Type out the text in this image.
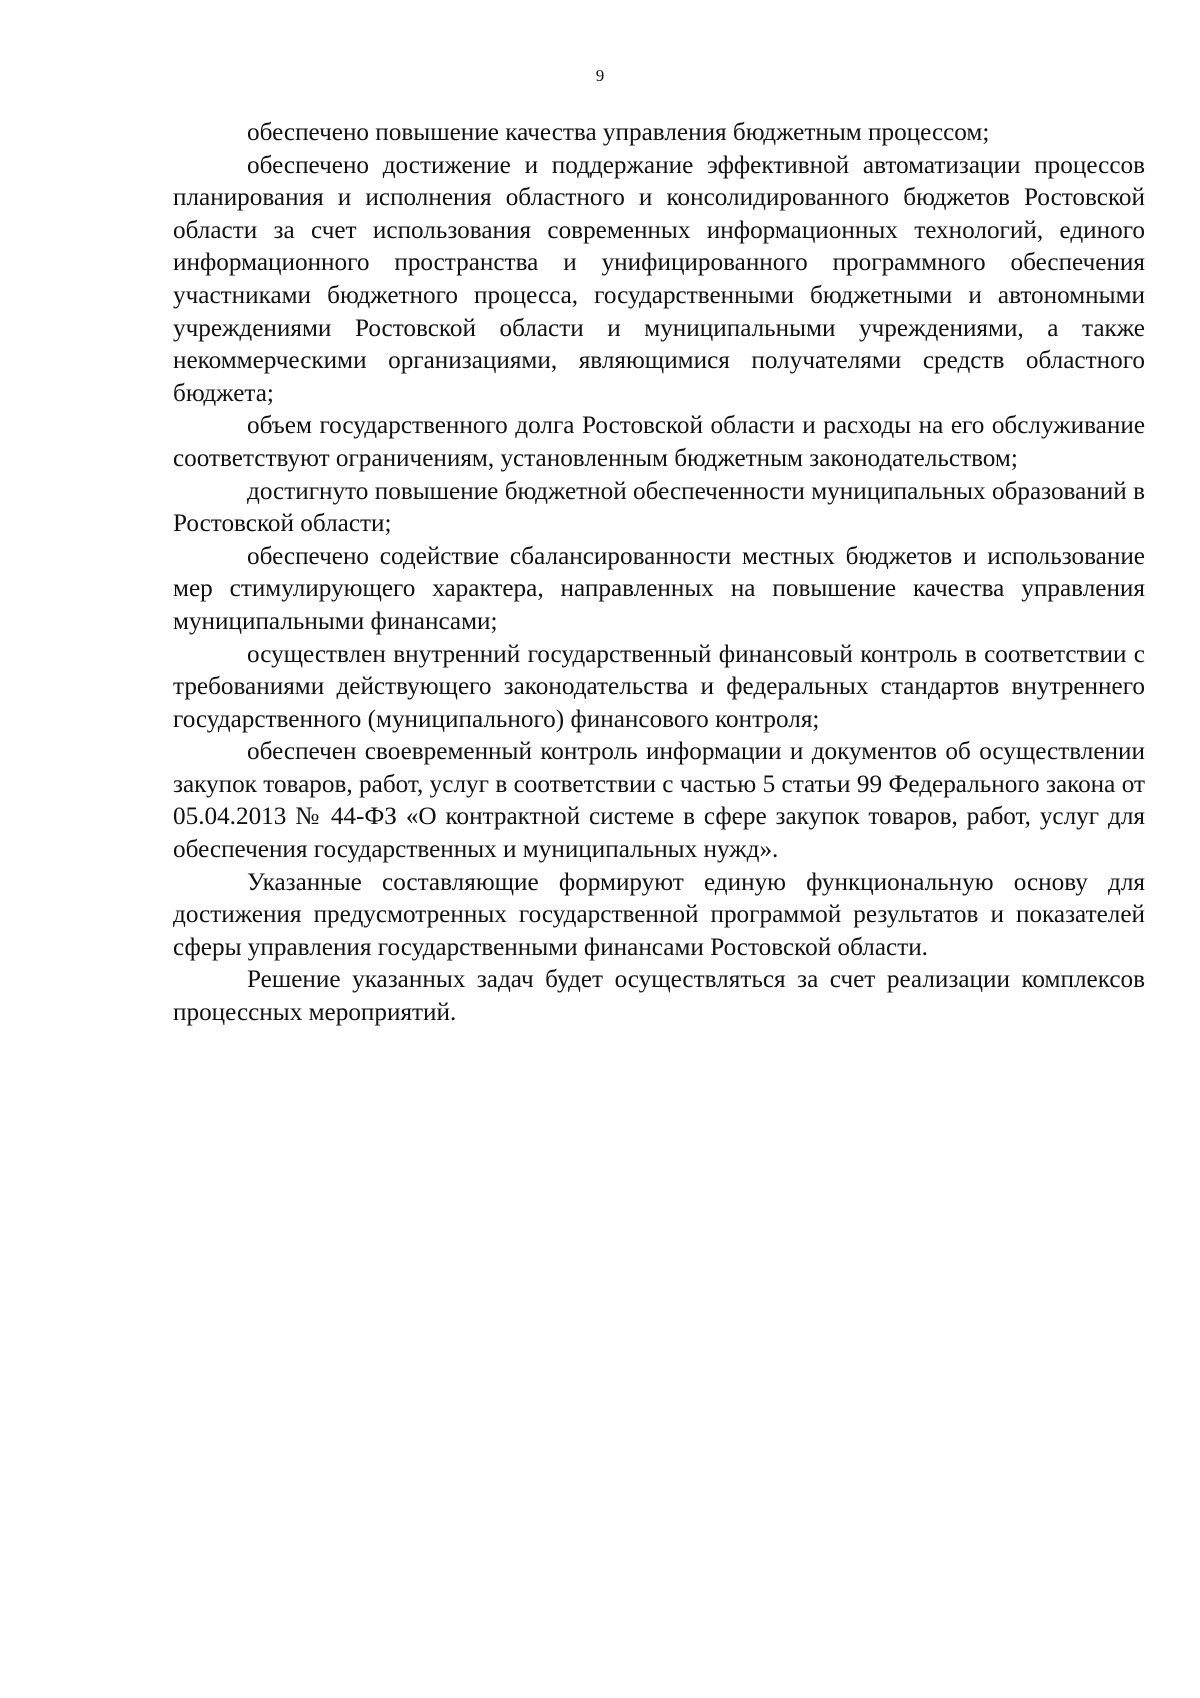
9

обеспечено повышение качества управления бюджетным процессом;

обеспечено достижение и поддержание эффективной автоматизации процессов планирования и исполнения областного и консолидированного бюджетов Ростовской области за счет использования современных информационных технологий, единого информационного пространства и унифицированного программного обеспечения участниками бюджетного процесса, государственными бюджетными и автономными учреждениями Ростовской области и муниципальными учреждениями, а также некоммерческими организациями, являющимися получателями средств областного бюджета;

объем государственного долга Ростовской области и расходы на его обслуживание соответствуют ограничениям, установленным бюджетным законодательством;

достигнуто повышение бюджетной обеспеченности муниципальных образований в Ростовской области;

обеспечено содействие сбалансированности местных бюджетов и использование мер стимулирующего характера, направленных на повышение качества управления муниципальными финансами;

осуществлен внутренний государственный финансовый контроль в соответствии с требованиями действующего законодательства и федеральных стандартов внутреннего государственного (муниципального) финансового контроля;

обеспечен своевременный контроль информации и документов об осуществлении закупок товаров, работ, услуг в соответствии с частью 5 статьи 99 Федерального закона от 05.04.2013 № 44-ФЗ «О контрактной системе в сфере закупок товаров, работ, услуг для обеспечения государственных и муниципальных нужд».

Указанные составляющие формируют единую функциональную основу для достижения предусмотренных государственной программой результатов и показателей сферы управления государственными финансами Ростовской области.

Решение указанных задач будет осуществляться за счет реализации комплексов процессных мероприятий.
